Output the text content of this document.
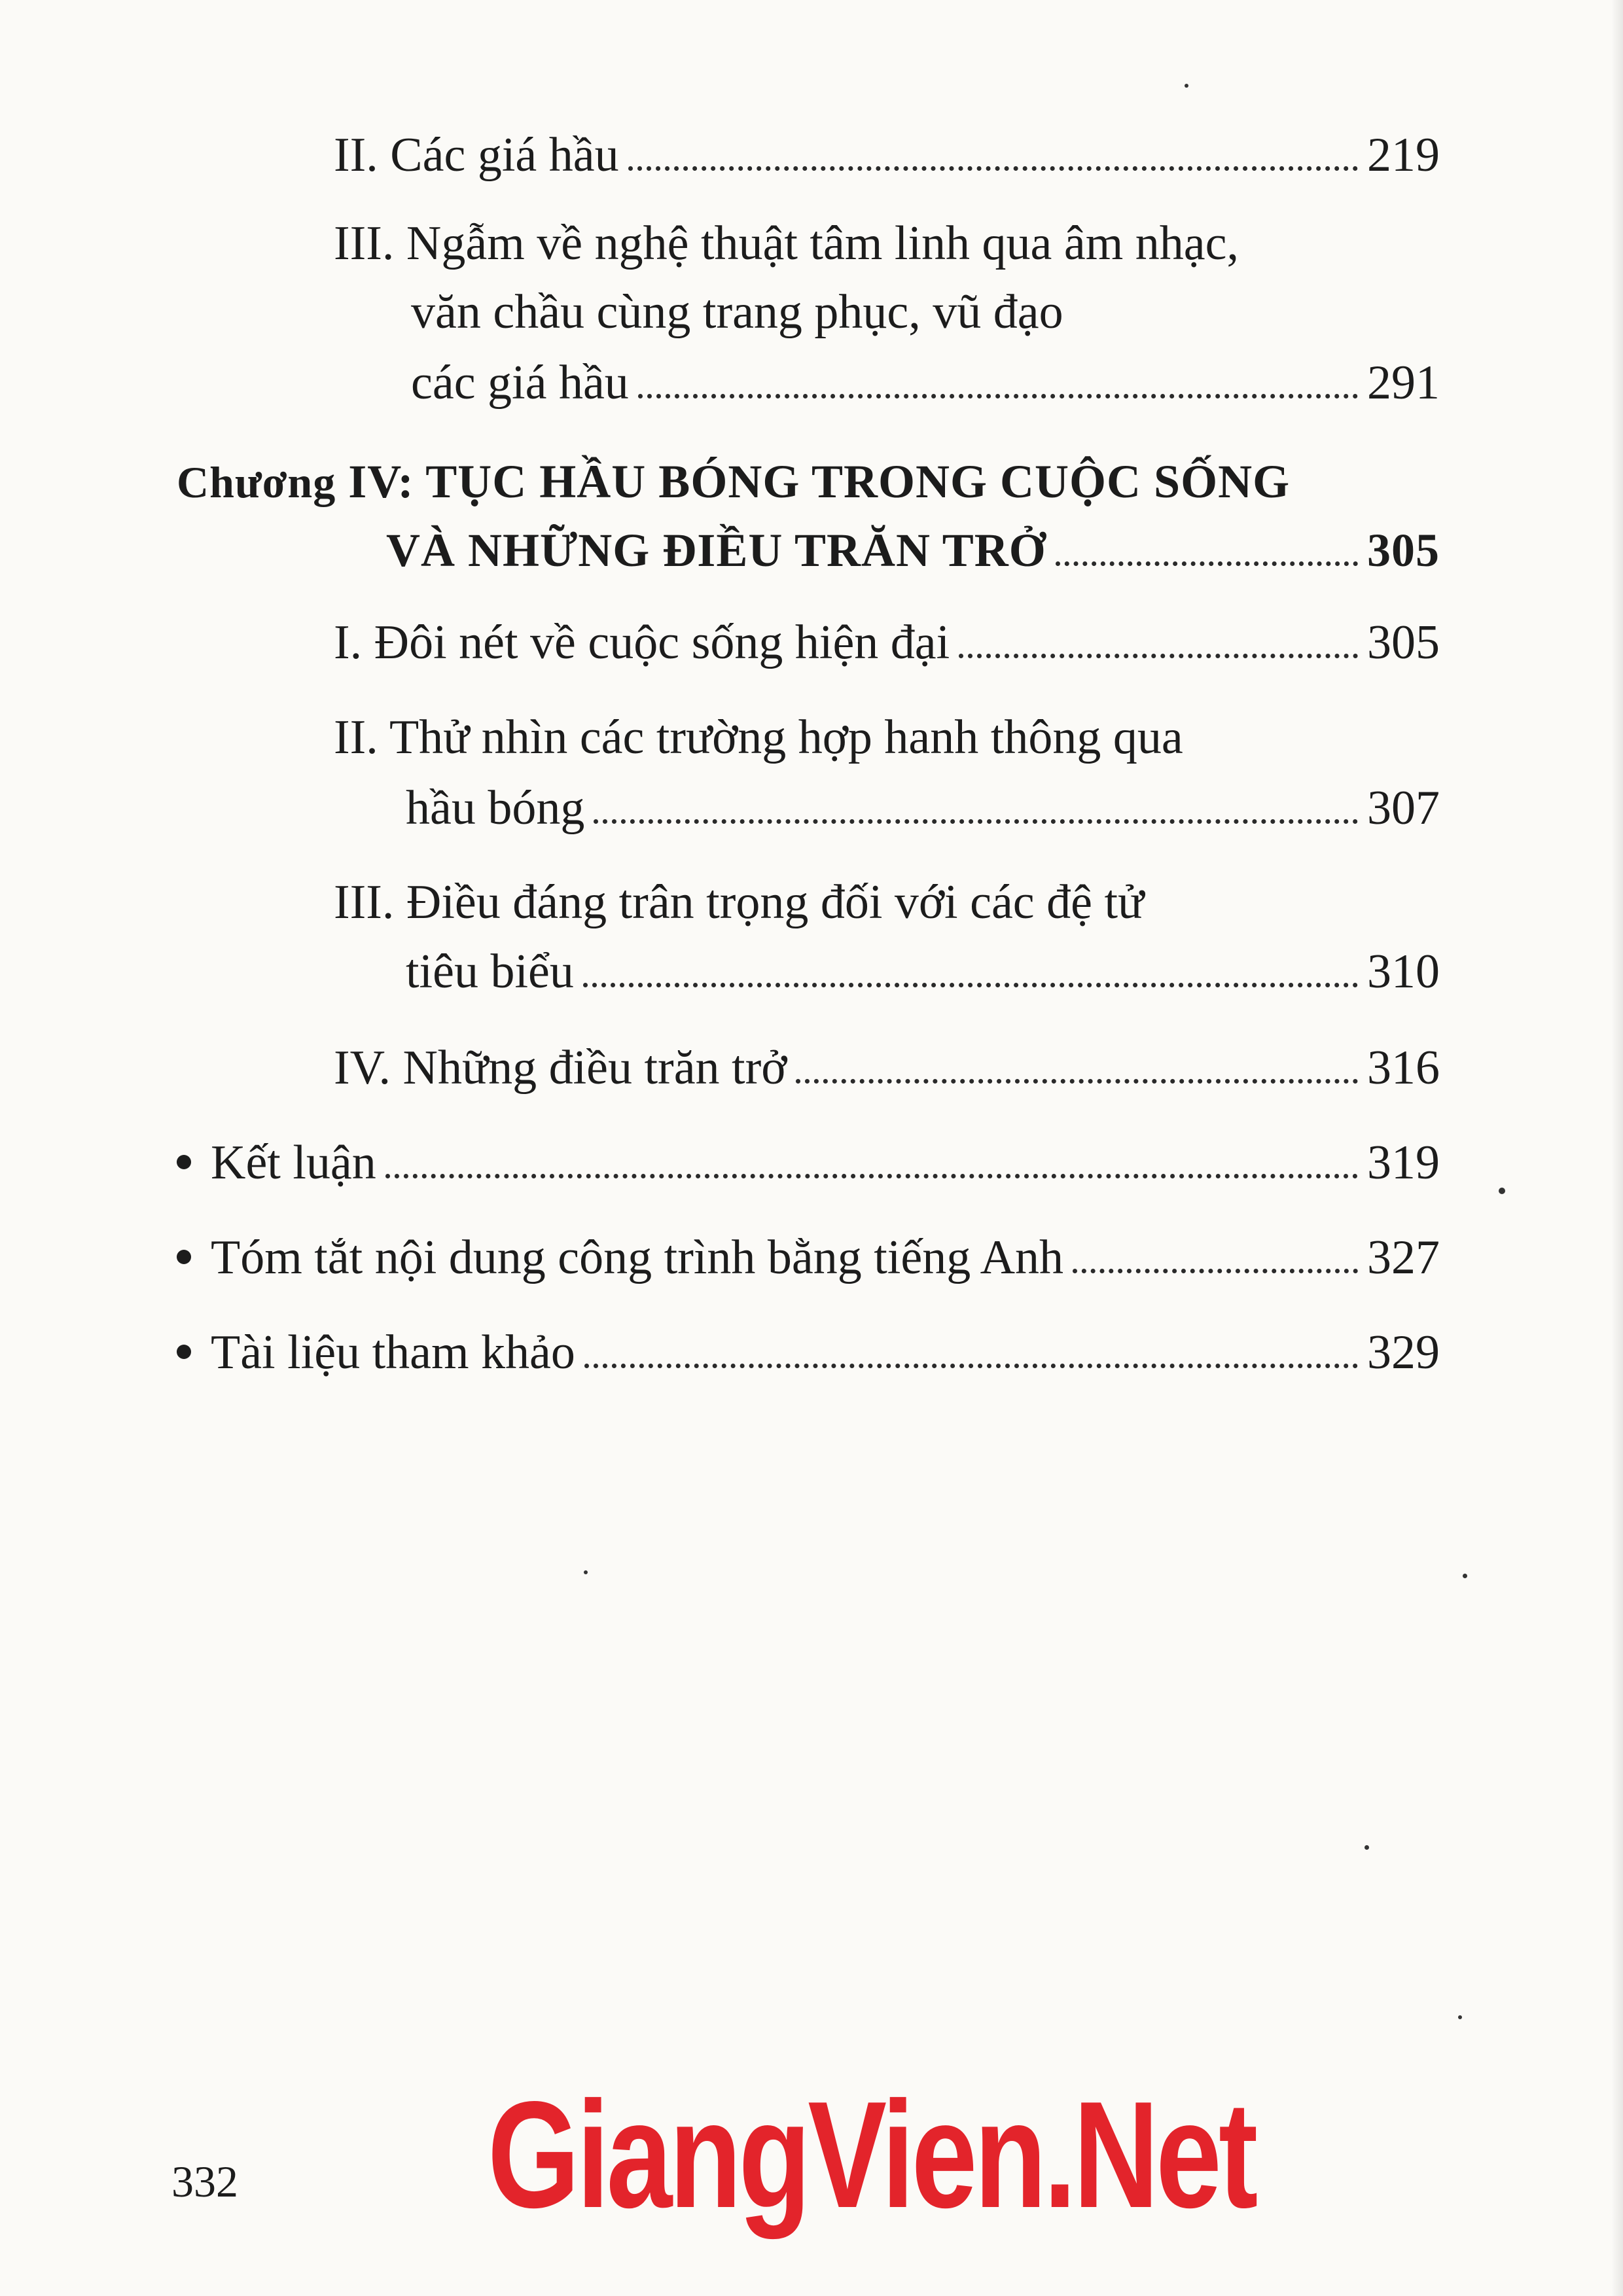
II. Các giá hầu	219
III. Ngẫm về nghệ thuật tâm linh qua âm nhạc,
văn chầu cùng trang phục, vũ đạo
các giá hầu	291
Chương IV: TỤC HẦU BÓNG TRONG CUỘC SỐNG
VÀ NHỮNG ĐIỀU TRĂN TRỞ	305
I. Đôi nét về cuộc sống hiện đại	305
II. Thử nhìn các trường hợp hanh thông qua
hầu bóng	307
III. Điều đáng trân trọng đối với các đệ tử
tiêu biểu	310
IV. Những điều trăn trở	316
Kết luận	319
Tóm tắt nội dung công trình bằng tiếng Anh	327
Tài liệu tham khảo	329
332 GiangVien.Net
